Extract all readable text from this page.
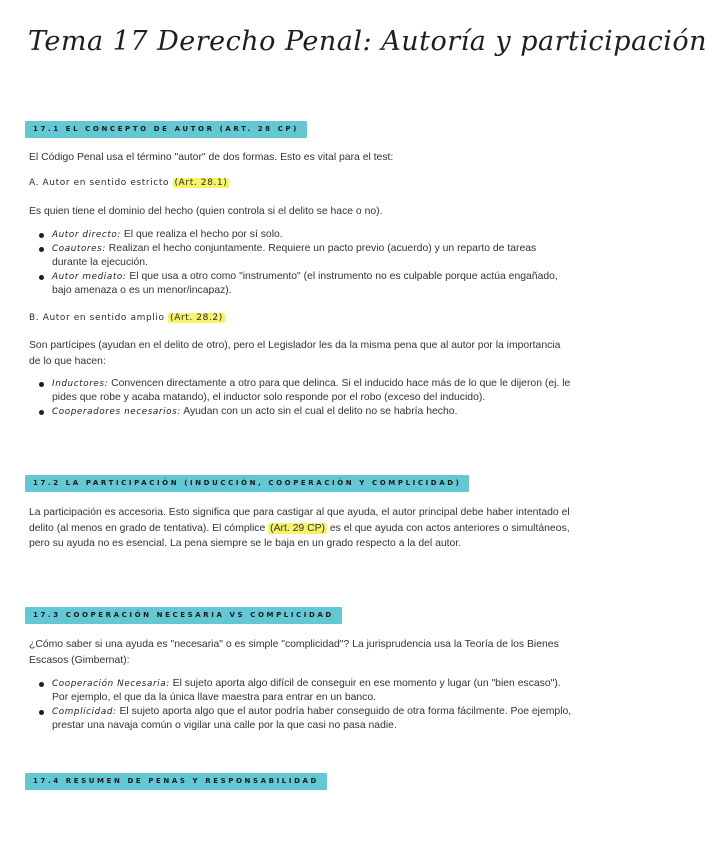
Tema 17 Derecho Penal: Autoría y participación
17.1 EL CONCEPTO DE AUTOR (ART. 28 CP)
El Código Penal usa el término "autor" de dos formas. Esto es vital para el test:
A. Autor en sentido estricto (Art. 28.1)
Es quien tiene el dominio del hecho (quien controla si el delito se hace o no).
Autor directo: El que realiza el hecho por sí solo.
Coautores: Realizan el hecho conjuntamente. Requiere un pacto previo (acuerdo) y un reparto de tareas durante la ejecución.
Autor mediato: El que usa a otro como "instrumento" (el instrumento no es culpable porque actúa engañado, bajo amenaza o es un menor/incapaz).
B. Autor en sentido amplio (Art. 28.2)
Son partícipes (ayudan en el delito de otro), pero el Legislador les da la misma pena que al autor por la importancia de lo que hacen:
Inductores: Convencen directamente a otro para que delinca. Si el inducido hace más de lo que le dijeron (ej. le pides que robe y acaba matando), el inductor solo responde por el robo (exceso del inducido).
Cooperadores necesarios: Ayudan con un acto sin el cual el delito no se habría hecho.
17.2 LA PARTICIPACIÓN (INDUCCIÓN, COOPERACIÓN Y COMPLICIDAD)
La participación es accesoria. Esto significa que para castigar al que ayuda, el autor principal debe haber intentado el delito (al menos en grado de tentativa). El cómplice (Art. 29 CP) es el que ayuda con actos anteriores o simultáneos, pero su ayuda no es esencial. La pena siempre se le baja en un grado respecto a la del autor.
17.3 COOPERACIÓN NECESARIA VS COMPLICIDAD
¿Cómo saber si una ayuda es "necesaria" o es simple "complicidad"? La jurisprudencia usa la Teoría de los Bienes Escasos (Gimbernat):
Cooperación Necesaria: El sujeto aporta algo difícil de conseguir en ese momento y lugar (un "bien escaso"). Por ejemplo, el que da la única llave maestra para entrar en un banco.
Complicidad: El sujeto aporta algo que el autor podría haber conseguido de otra forma fácilmente. Poe ejemplo, prestar una navaja común o vigilar una calle por la que casi no pasa nadie.
17.4 RESUMEN DE PENAS Y RESPONSABILIDAD
